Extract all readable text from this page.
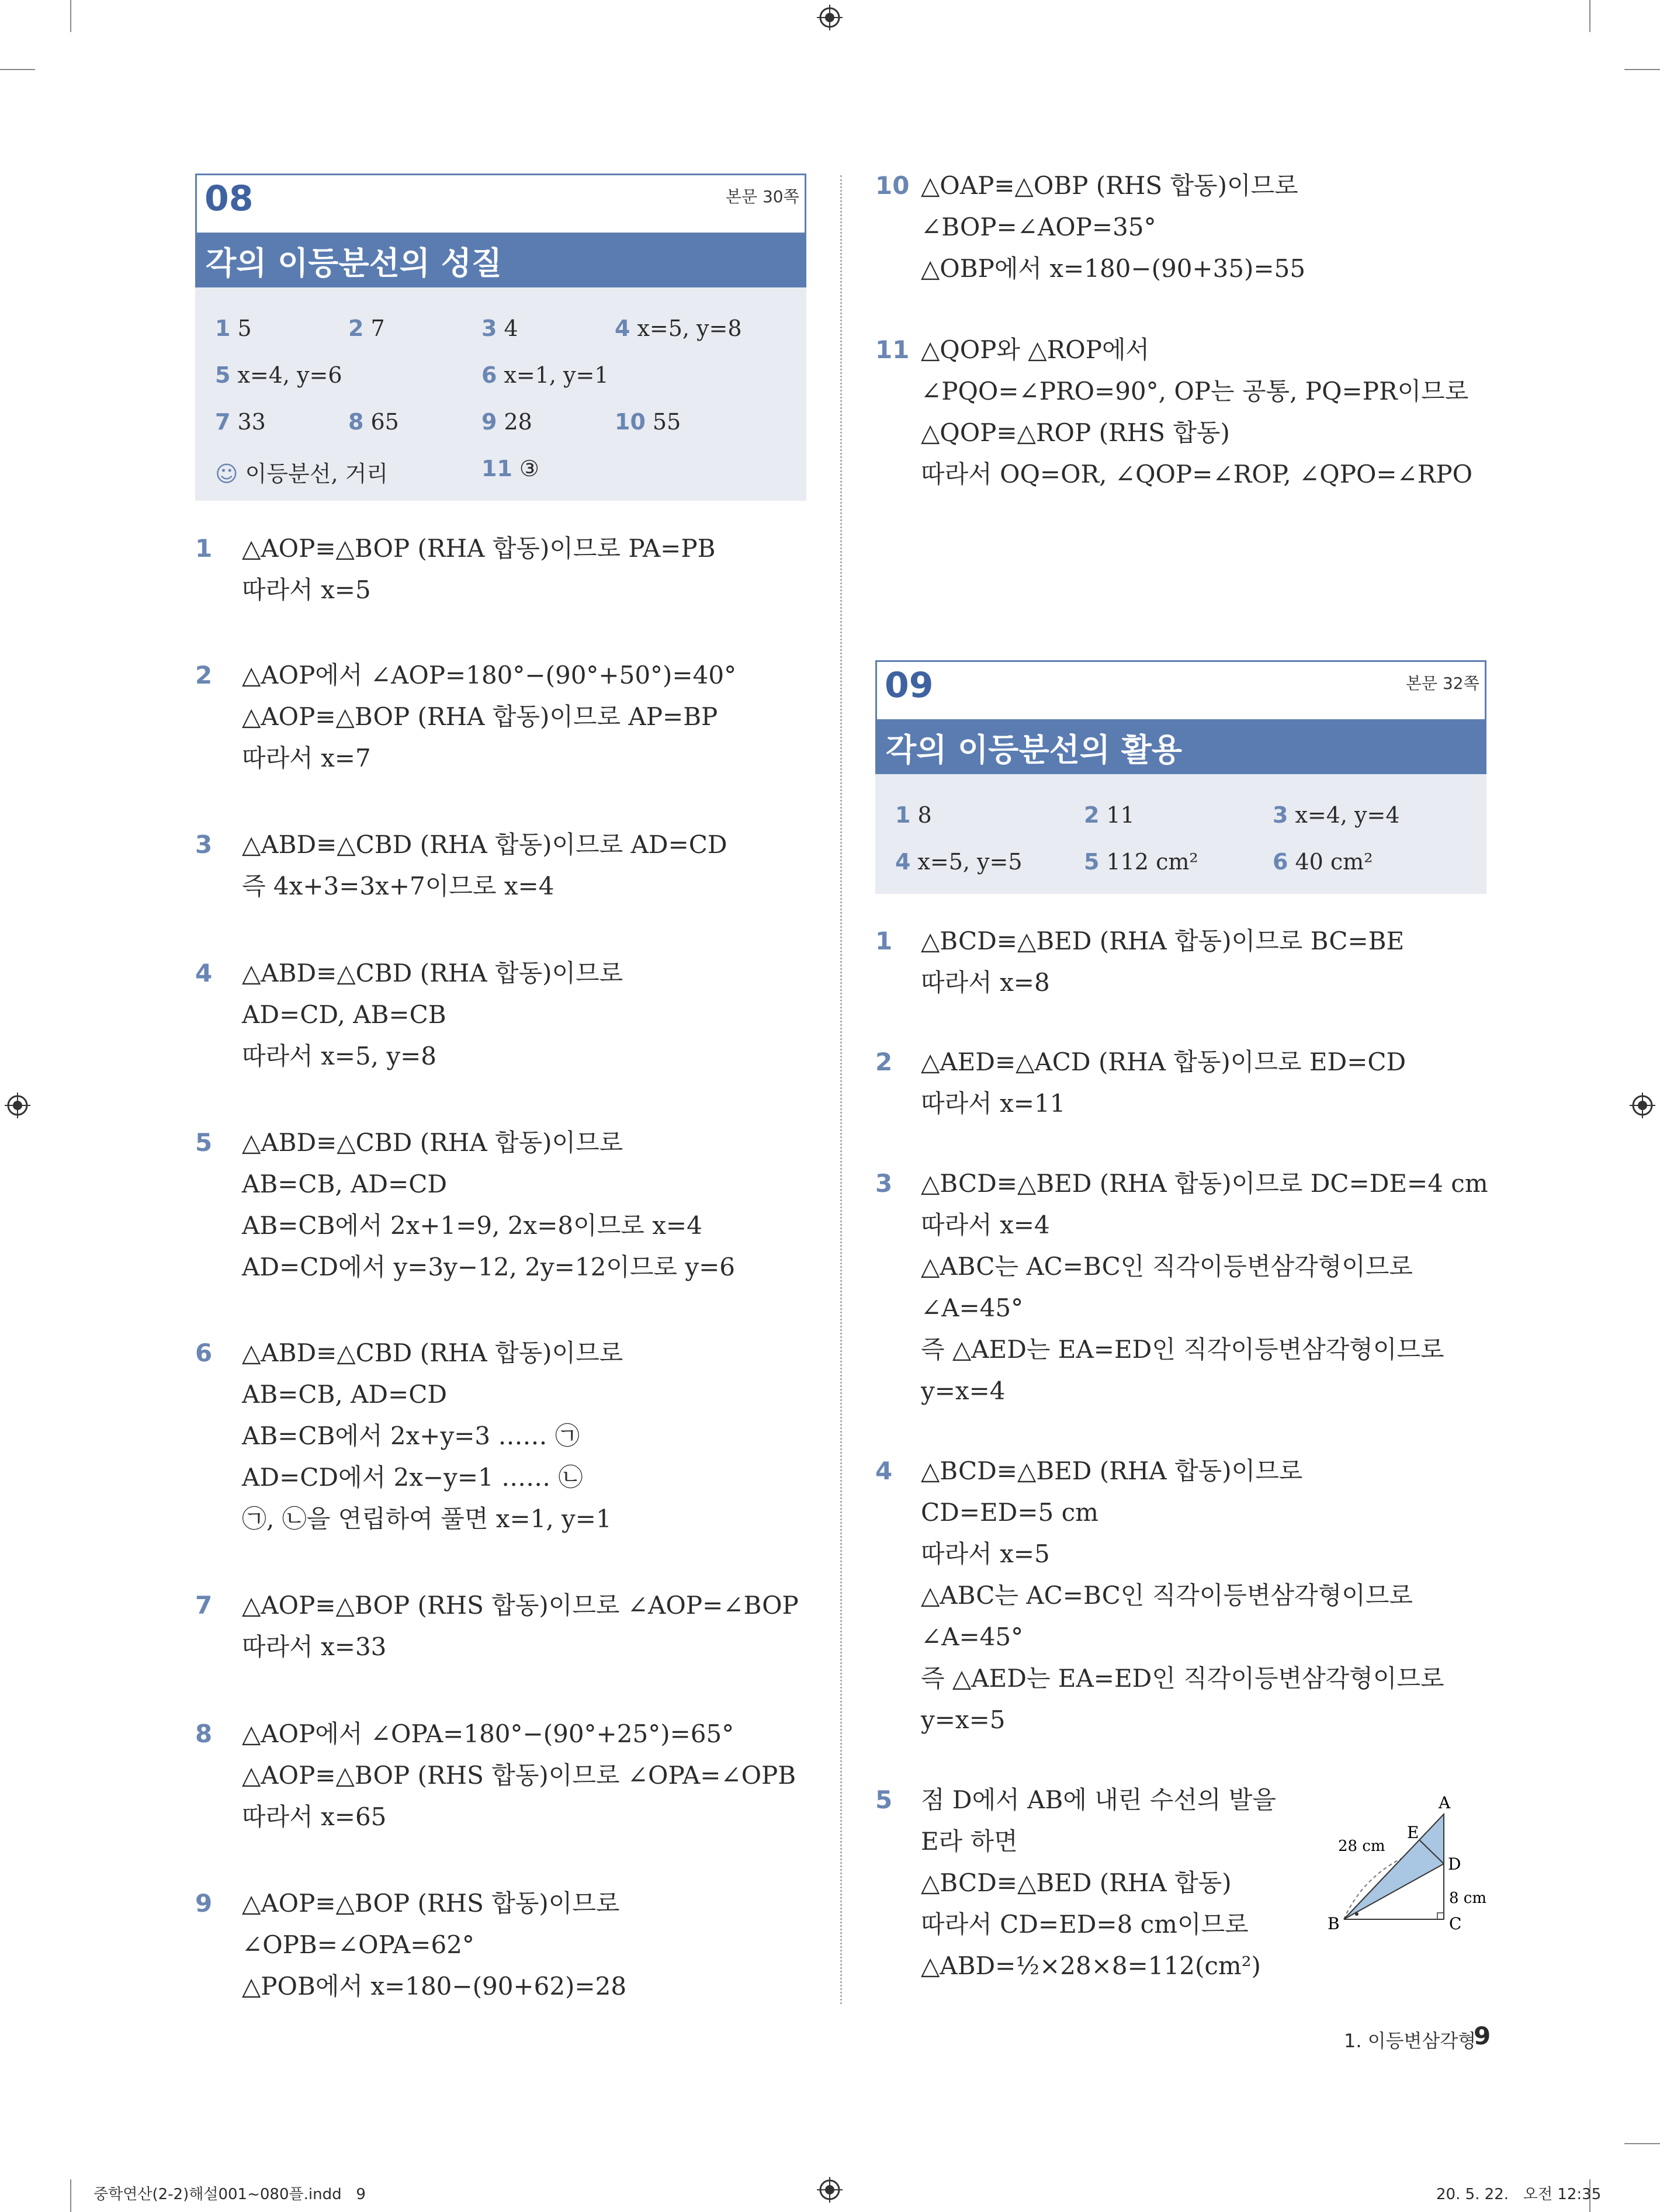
08	본문 30쪽
각의 이등분선의 성질
1 5	2 7	3 4	4 x=5, y=8
5 x=4, y=6	6 x=1, y=1
7 33	8 65	9 28	10 55
☺ 이등분선, 거리	11 ③
1 △AOP≡△BOP (RHA 합동)이므로 PA=PB
따라서 x=5
2 △AOP에서 ∠AOP=180°−(90°+50°)=40°
△AOP≡△BOP (RHA 합동)이므로 AP=BP
따라서 x=7
3 △ABD≡△CBD (RHA 합동)이므로 AD=CD
즉 4x+3=3x+7이므로 x=4
4 △ABD≡△CBD (RHA 합동)이므로
AD=CD, AB=CB
따라서 x=5, y=8
5 △ABD≡△CBD (RHA 합동)이므로
AB=CB, AD=CD
AB=CB에서 2x+1=9, 2x=8이므로 x=4
AD=CD에서 y=3y−12, 2y=12이므로 y=6
6 △ABD≡△CBD (RHA 합동)이므로
AB=CB, AD=CD
AB=CB에서 2x+y=3 …… ㉠
AD=CD에서 2x−y=1 …… ㉡
㉠, ㉡을 연립하여 풀면 x=1, y=1
7 △AOP≡△BOP (RHS 합동)이므로 ∠AOP=∠BOP
따라서 x=33
8 △AOP에서 ∠OPA=180°−(90°+25°)=65°
△AOP≡△BOP (RHS 합동)이므로 ∠OPA=∠OPB
따라서 x=65
9 △AOP≡△BOP (RHS 합동)이므로
∠OPB=∠OPA=62°
△POB에서 x=180−(90+62)=28
10 △OAP≡△OBP (RHS 합동)이므로
∠BOP=∠AOP=35°
△OBP에서 x=180−(90+35)=55
11 △QOP와 △ROP에서
∠PQO=∠PRO=90°, OP는 공통, PQ=PR이므로
△QOP≡△ROP (RHS 합동)
따라서 OQ=OR, ∠QOP=∠ROP, ∠QPO=∠RPO
09	본문 32쪽
각의 이등분선의 활용
1 8	2 11	3 x=4, y=4
4 x=5, y=5	5 112 cm²	6 40 cm²
1 △BCD≡△BED (RHA 합동)이므로 BC=BE
따라서 x=8
2 △AED≡△ACD (RHA 합동)이므로 ED=CD
따라서 x=11
3 △BCD≡△BED (RHA 합동)이므로 DC=DE=4 cm
따라서 x=4
△ABC는 AC=BC인 직각이등변삼각형이므로
∠A=45°
즉 △AED는 EA=ED인 직각이등변삼각형이므로
y=x=4
4 △BCD≡△BED (RHA 합동)이므로
CD=ED=5 cm
따라서 x=5
△ABC는 AC=BC인 직각이등변삼각형이므로
∠A=45°
즉 △AED는 EA=ED인 직각이등변삼각형이므로
y=x=5
5 점 D에서 AB에 내린 수선의 발을
E라 하면
△BCD≡△BED (RHA 합동)
따라서 CD=ED=8 cm이므로
△ABD=½×28×8=112(cm²)
A
B	C
D
E
28 cm
8 cm
1. 이등변삼각형
9
중학연산(2-2)해설001~080플.indd   9	20. 5. 22.   오전 12:35
